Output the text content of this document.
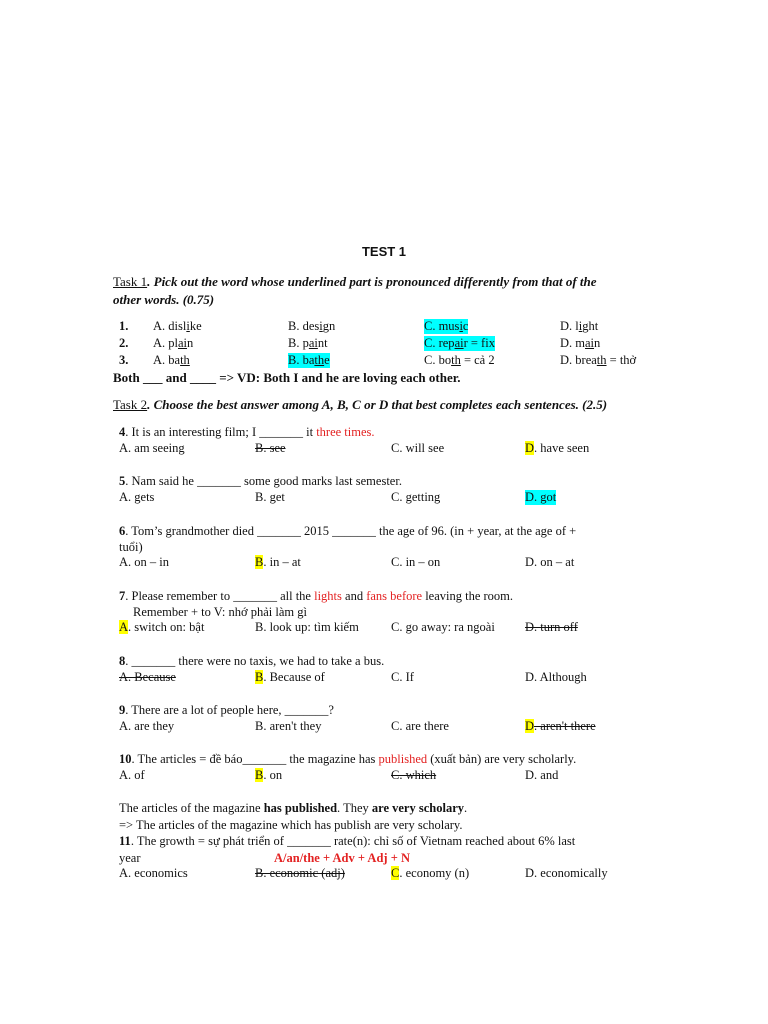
TEST 1
Task 1. Pick out the word whose underlined part is pronounced differently from that of the
other words. (0.75)
1. A. dislike	B. design	C. music	D. light
2. A. plain	B. paint	C. repair = fix	D. main
3. A. bath	B. bathe	C. both = cả 2	D. breath = thở
Both ___ and ____ => VD: Both I and he are loving each other.
Task 2. Choose the best answer among A, B, C or D that best completes each sentences. (2.5)
4. It is an interesting film; I _______ it three times.
A. am seeing	B. see	C. will see	D. have seen
5. Nam said he _______ some good marks last semester.
A. gets	B. get	C. getting	D. got
6. Tom’s grandmother died _______ 2015 _______ the age of 96. (in + year, at the age of +
tuổi)
A. on – in	B. in – at	C. in – on	D. on – at
7. Please remember to _______ all the lights and fans before leaving the room.
Remember + to V: nhớ phải làm gì
A. switch on: bật	B. look up: tìm kiếm	C. go away: ra ngoài D. turn off
8. _______ there were no taxis, we had to take a bus.
A. Because	B. Because of	C. If	D. Although
9. There are a lot of people here, _______?
A. are they	B. aren't they	C. are there	D. aren't there
10. The articles = đề báo_______ the magazine has published (xuất bản) are very scholarly.
A. of	B. on	C. which	D. and
The articles of the magazine has published. They are very scholary.
=> The articles of the magazine which has publish are very scholary.
11. The growth = sự phát triển of _______ rate(n): chỉ số of Vietnam reached about 6% last
year	A/an/the + Adv + Adj + N
A. economics	B. economic (adj)	C. economy (n)	D. economically
